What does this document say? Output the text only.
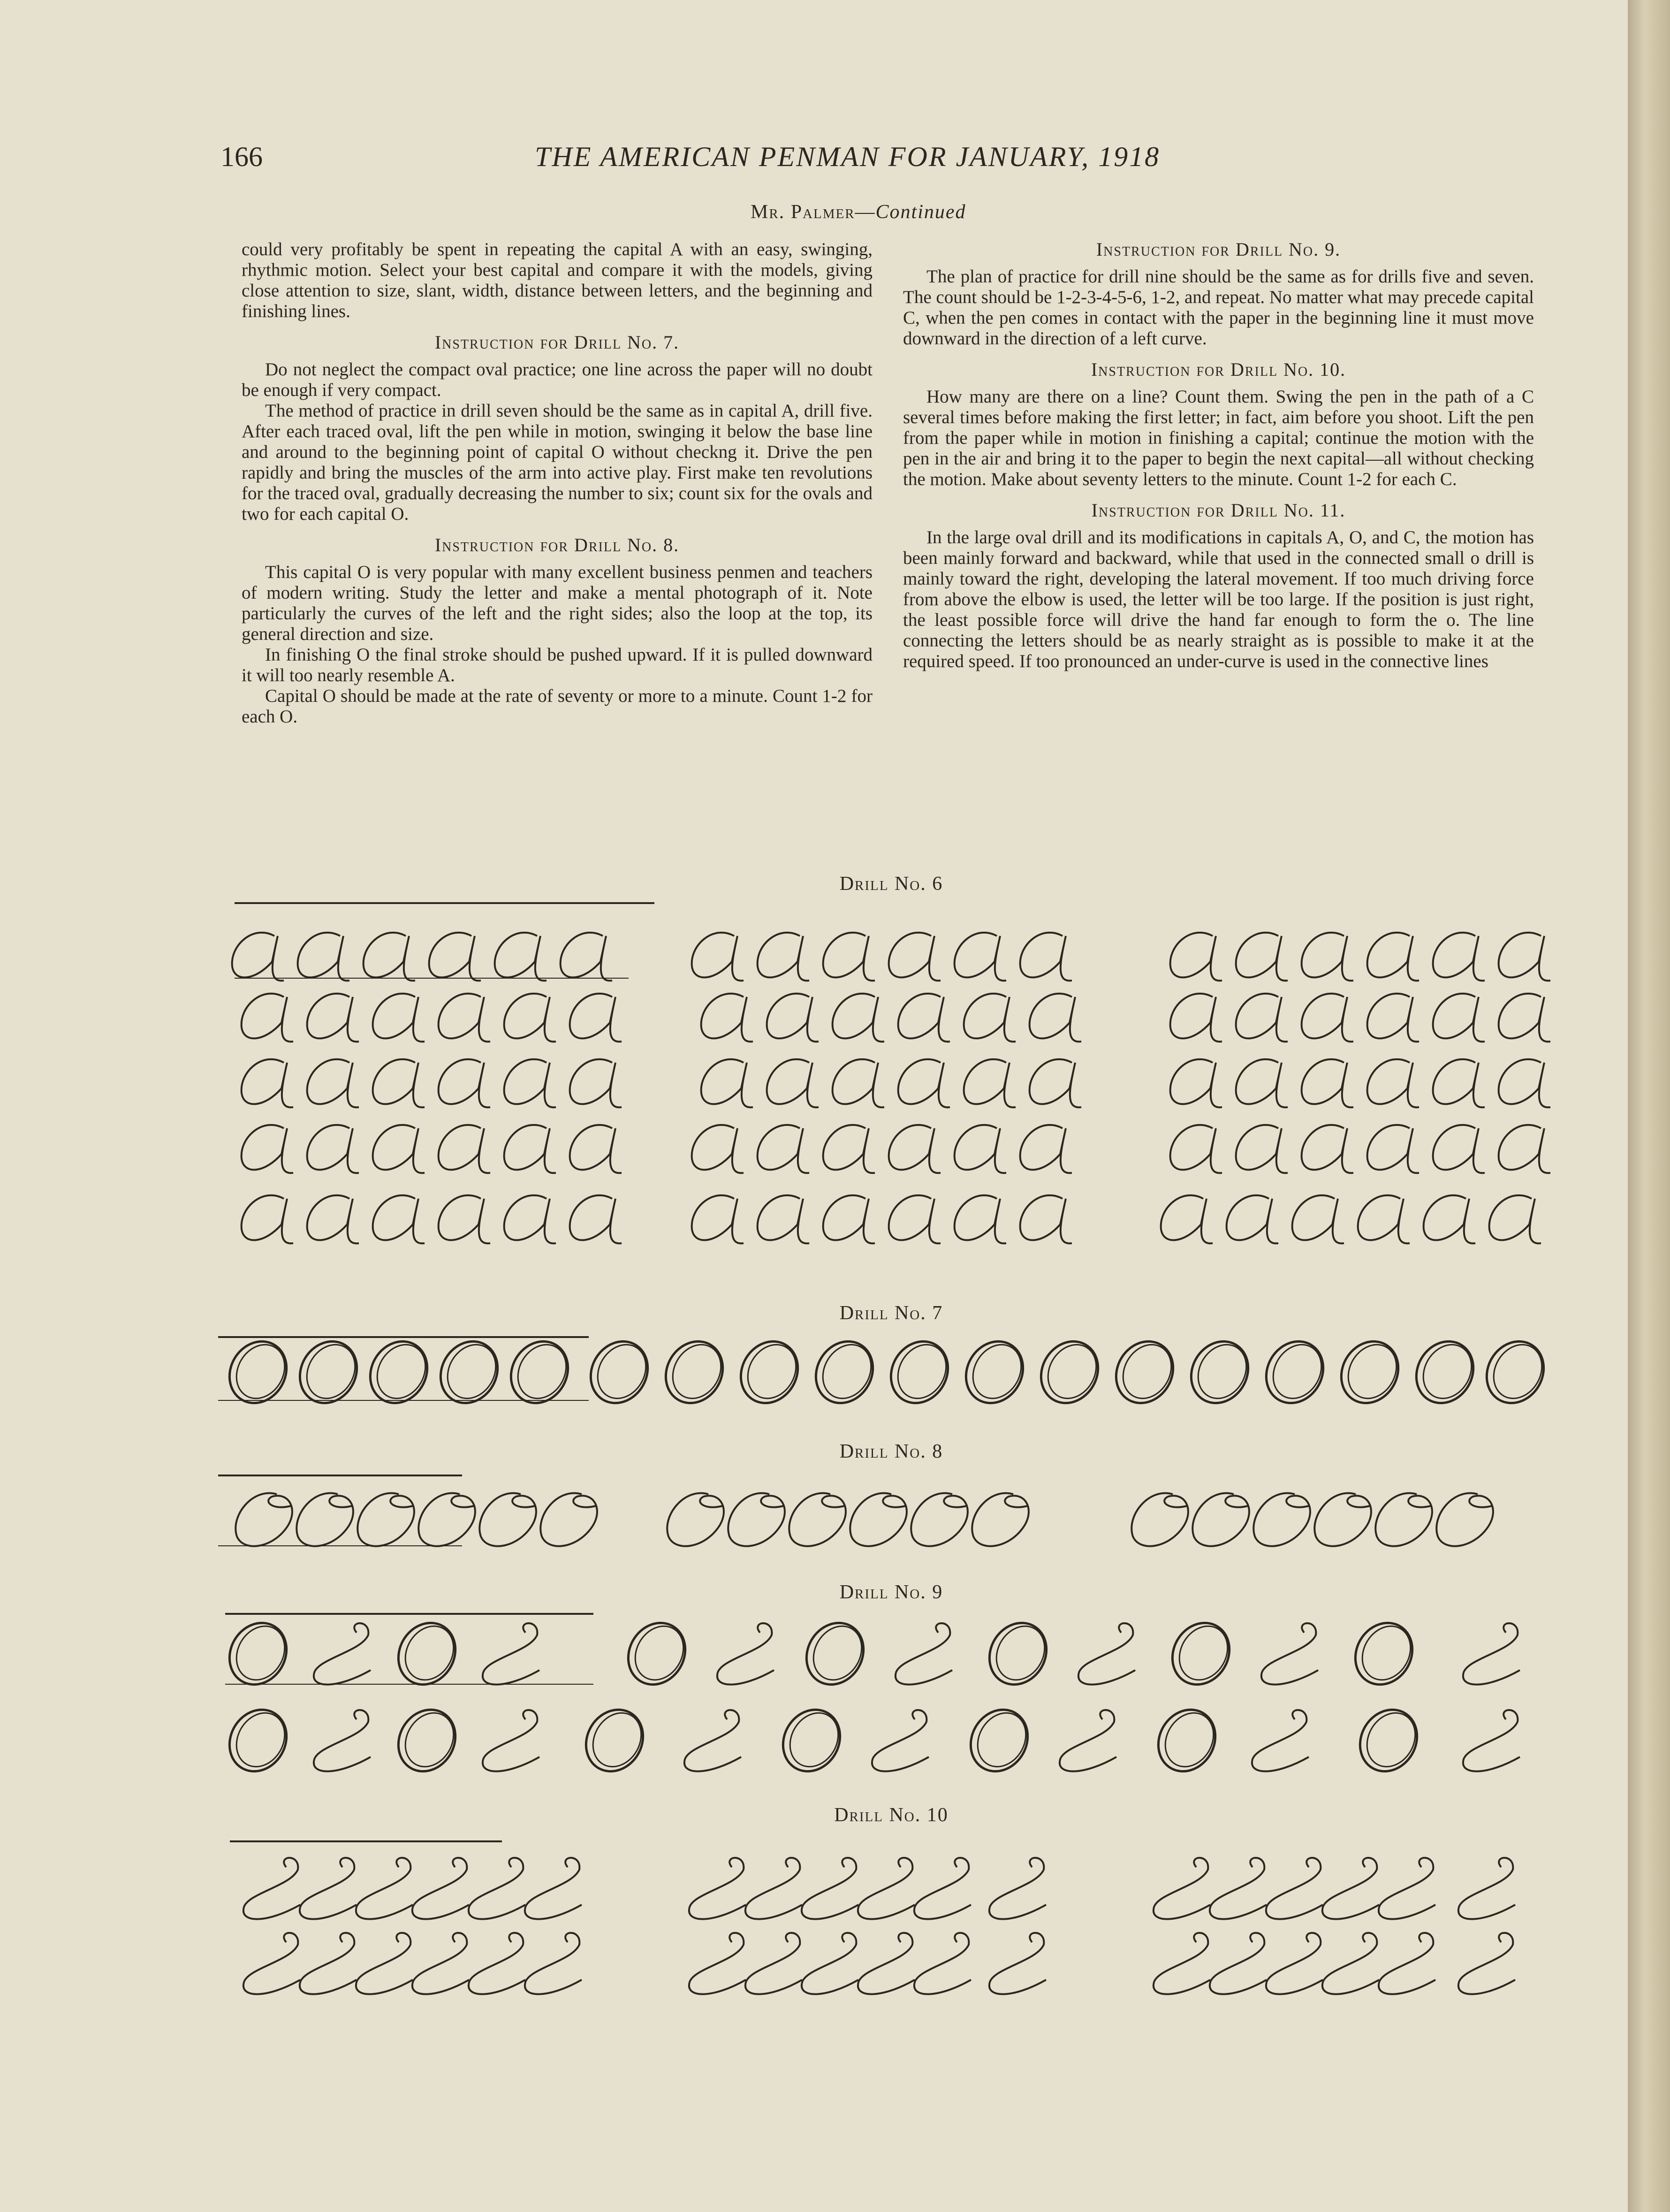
166	THE AMERICAN PENMAN FOR JANUARY, 1918
Mr. Palmer—Continued

could very profitably be spent in repeating the capital A with an easy, swinging, rhythmic motion. Select your best capital and compare it with the models, giving close attention to size, slant, width, distance between letters, and the beginning and finishing lines.

Instruction for Drill No. 7.

Do not neglect the compact oval practice; one line across the paper will no doubt be enough if very compact.

The method of practice in drill seven should be the same as in capital A, drill five. After each traced oval, lift the pen while in motion, swinging it below the base line and around to the beginning point of capital O without checkng it. Drive the pen rapidly and bring the muscles of the arm into active play. First make ten revolutions for the traced oval, gradually decreasing the number to six; count six for the ovals and two for each capital O.

Instruction for Drill No. 8.

This capital O is very popular with many excellent business penmen and teachers of modern writing. Study the letter and make a mental photograph of it. Note particularly the curves of the left and the right sides; also the loop at the top, its general direction and size.

In finishing O the final stroke should be pushed upward. If it is pulled downward it will too nearly resemble A.

Capital O should be made at the rate of seventy or more to a minute. Count 1-2 for each O.

Instruction for Drill No. 9.

The plan of practice for drill nine should be the same as for drills five and seven. The count should be 1-2-3-4-5-6, 1-2, and repeat. No matter what may precede capital C, when the pen comes in contact with the paper in the beginning line it must move downward in the direction of a left curve.

Instruction for Drill No. 10.

How many are there on a line? Count them. Swing the pen in the path of a C several times before making the first letter; in fact, aim before you shoot. Lift the pen from the paper while in motion in finishing a capital; continue the motion with the pen in the air and bring it to the paper to begin the next capital—all without checking the motion. Make about seventy letters to the minute. Count 1-2 for each C.

Instruction for Drill No. 11.

In the large oval drill and its modifications in capitals A, O, and C, the motion has been mainly forward and backward, while that used in the connected small o drill is mainly toward the right, developing the lateral movement. If too much driving force from above the elbow is used, the letter will be too large. If the position is just right, the least possible force will drive the hand far enough to form the o. The line connecting the letters should be as nearly straight as is possible to make it at the required speed. If too pronounced an under-curve is used in the connective lines

Drill No. 6
Drill No. 7
Drill No. 8
Drill No. 9
Drill No. 10
